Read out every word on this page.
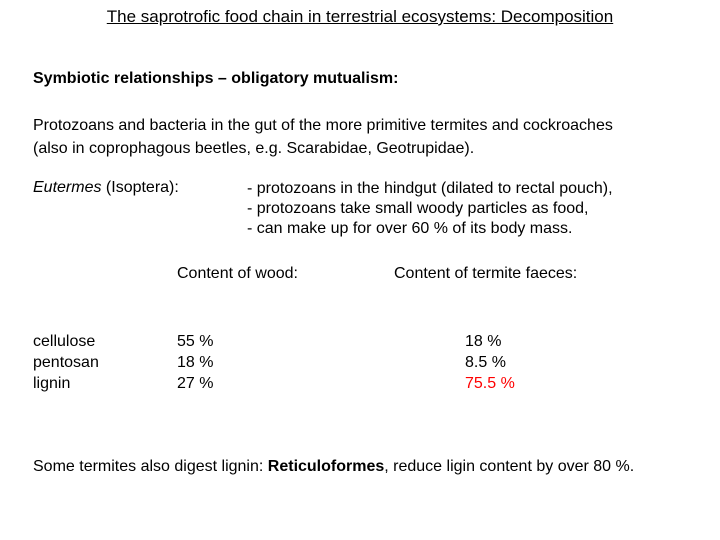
The saprotrofic food chain in terrestrial ecosystems: Decomposition
Symbiotic relationships – obligatory mutualism:
Protozoans and bacteria in the gut of the more primitive termites and cockroaches
(also in coprophagous beetles, e.g. Scarabidae, Geotrupidae).
Eutermes (Isoptera):	- protozoans in the hindgut (dilated to rectal pouch),
- protozoans take small woody particles as food,
- can make up for over 60 % of its body mass.
Content of wood:	Content of termite faeces:
cellulose
pentosan
lignin
55 %
18 %
27 %
18 %
8.5 %
75.5 %
Some termites also digest lignin: Reticuloformes, reduce ligin content by over 80 %.
